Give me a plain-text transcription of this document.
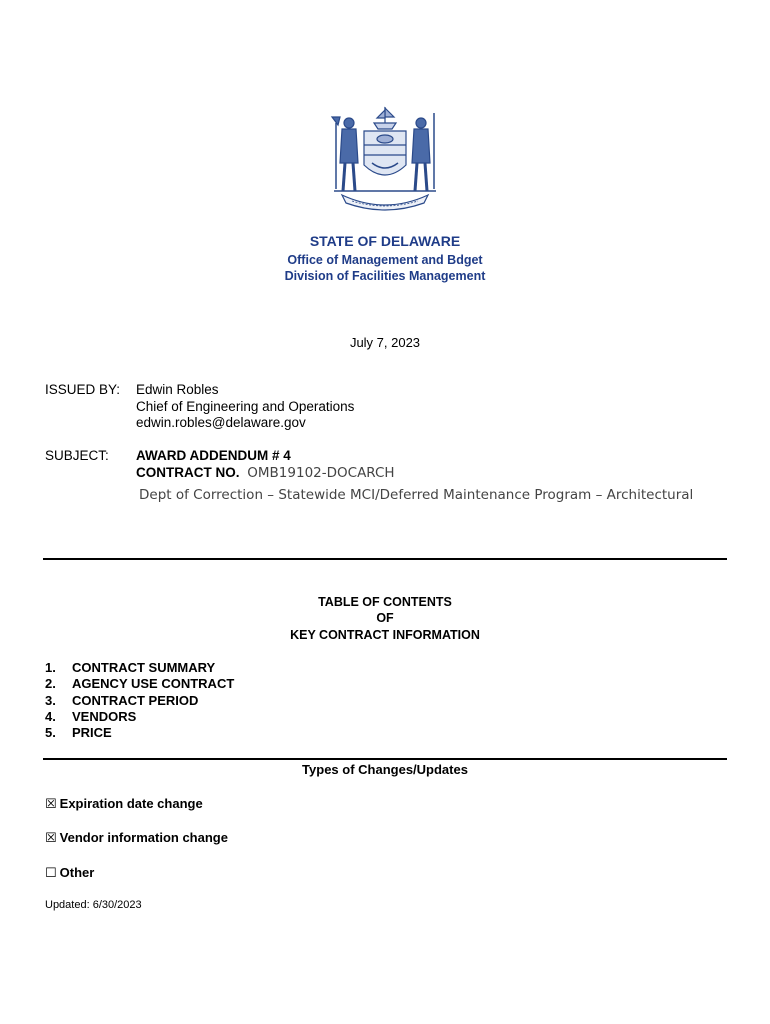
STATE OF DELAWARE
Office of Management and Bdget
Division of Facilities Management
July 7, 2023
ISSUED BY: Edwin Robles
Chief of Engineering and Operations
edwin.robles@delaware.gov
SUBJECT: AWARD ADDENDUM # 4
CONTRACT NO. OMB19102-DOCARCH
Dept of Correction – Statewide MCI/Deferred Maintenance Program – Architectural
TABLE OF CONTENTS
OF
KEY CONTRACT INFORMATION
1. CONTRACT SUMMARY
2. AGENCY USE CONTRACT
3. CONTRACT PERIOD
4. VENDORS
5. PRICE
Types of Changes/Updates
☒ Expiration date change
☒ Vendor information change
☐ Other
Updated: 6/30/2023
